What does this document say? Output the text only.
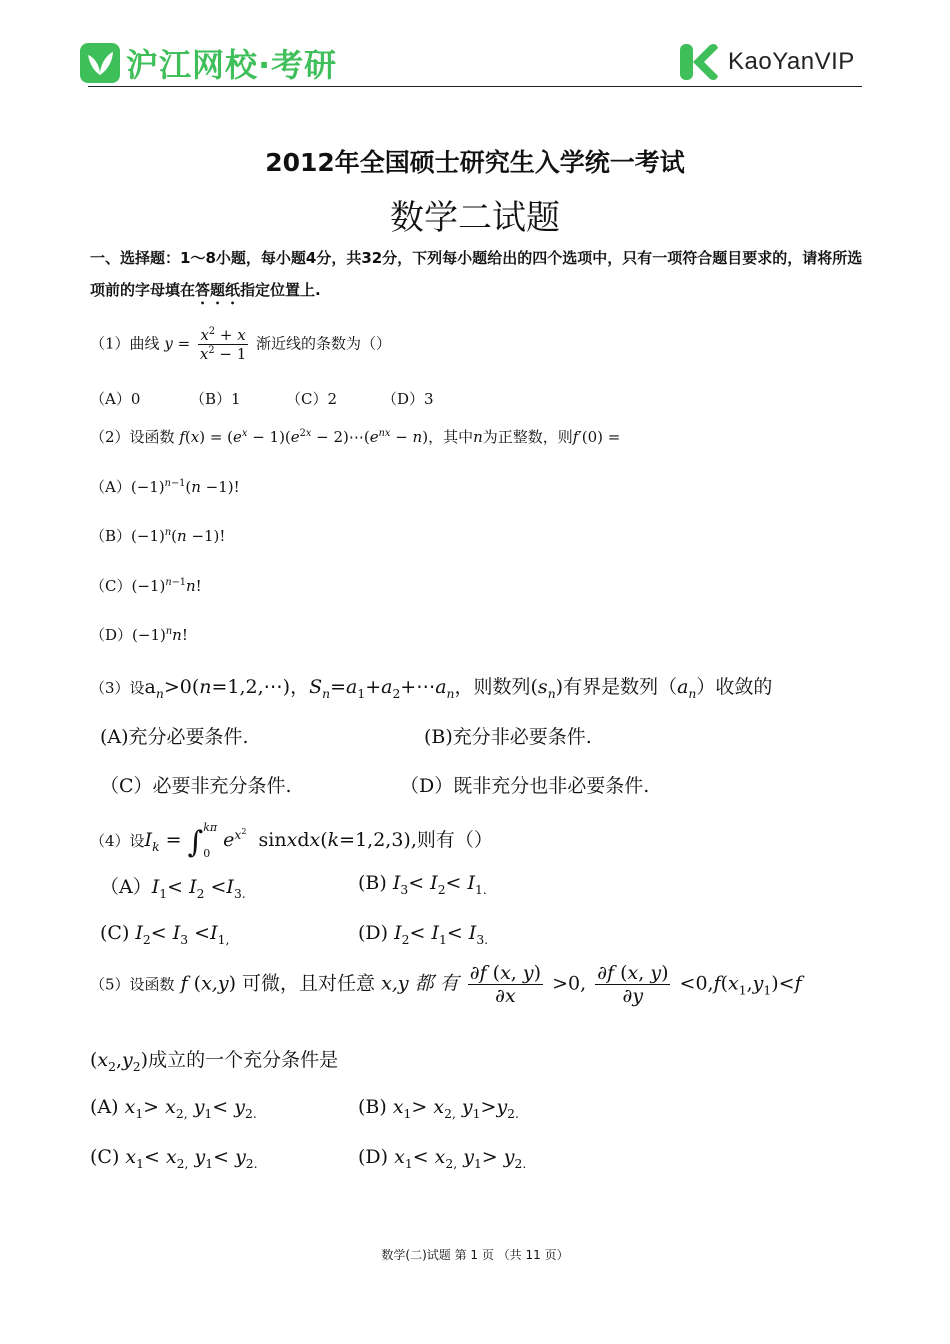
沪江网校·考研	KaoYanVIP
2012年全国硕士研究生入学统一考试
数学二试题
一、选择题：1～8小题，每小题4分，共32分，下列每小题给出的四个选项中，只有一项符合题目要求的，请将所选项前的字母填在答题纸指定位置上.
（1）曲线 $y = \frac{x^2 + x}{x^2 - 1}$ 渐近线的条数为（）
（A）0	（B）1	（C）2	（D）3
（2）设函数 $f(x) = (e^x - 1)(e^{2x}$ − $2)\cdots(e^{nx} - n)$，其中n为正整数，则f′(0) =
$(A)(-1)^{n-1}(n -1)$!
$(B)(-1)^n(n -1)$!
$(C)(-1)^{n-1}n$!
$(D)(-1)^nn$!
（3）设$a_n>0(n=1,2,\cdots)$，$S_n=a_1+a_2+\cdots a_n$，则数列$(s_n)$有界是数列$(a_n)$收敛的
(A)充分必要条件.	(B)充分非必要条件.
（C）必要非充分条件.	（D）既非充分也非必要条件.
（4）设$I_k$ = ∫ kπ
0
$e^{x^2}$  sinxdx(k=1,2,3),则有（）
$(A)I_1< I_2 <I_{3.}$	(B) $I_3< I_2< I_{1.}$
(C) $I_2< I_3 <I_{1,}$	(D) $I_2< I_1< I_{3.}$
（5）设函数 f (x,y) 可微，且对任意 x,y 都 有 $\frac{\partial f (x, y)}{\partial x} >0$, $\frac{\partial f (x, y)}{\partial y} <0,f(x_1,y_1)<f$
$(x_2,y_2)$成立的一个充分条件是
(A) $x_1> x_{2,}$ $y_1< y_{2.}$	(B) $x_1> x_{2,}$ $y_1>y_{2.}$
(C) $x_1< x_{2,}$ $y_1< y_{2.}$	(D) $x_1< x_{2,}$ $y_1> y_{2.}$
数学(二)试题 第 1 页 （共 11 页）
